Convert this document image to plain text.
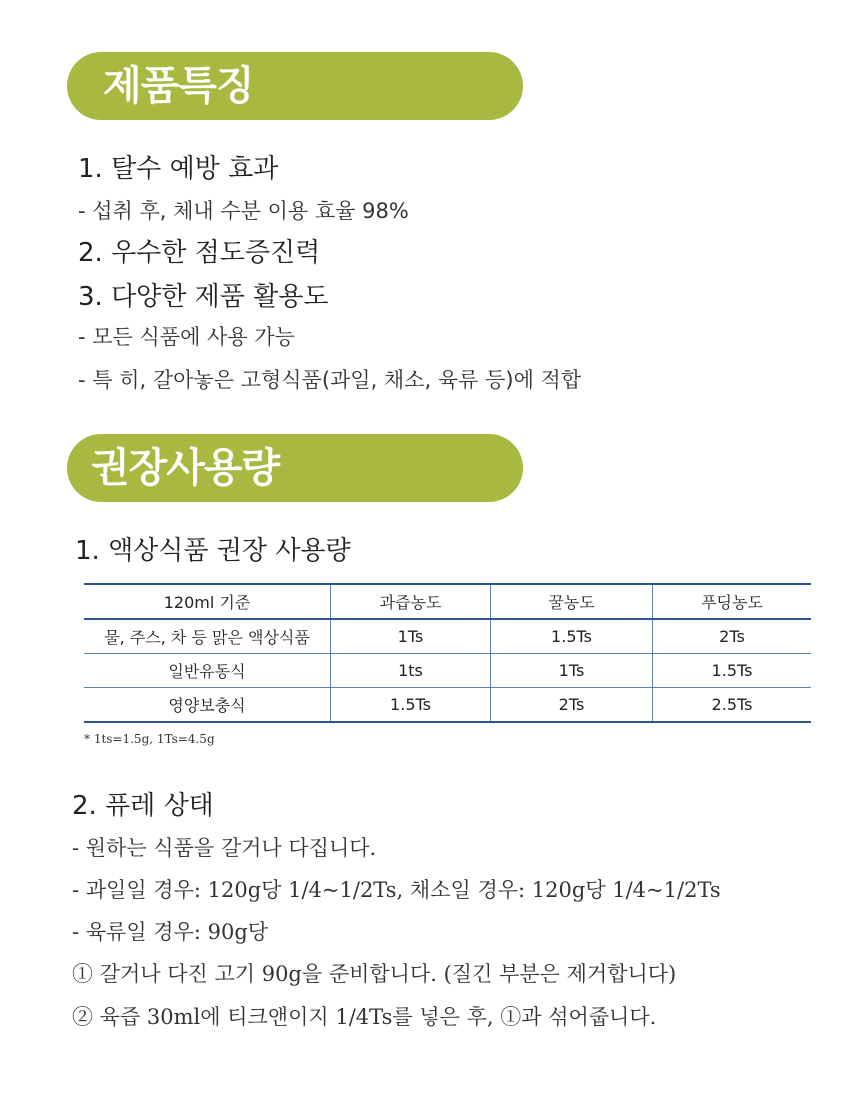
제품특징
1. 탈수 예방 효과
- 섭취 후, 체내 수분 이용 효율 98%
2. 우수한 점도증진력
3. 다양한 제품 활용도
- 모든 식품에 사용 가능
- 특 히, 갈아놓은 고형식품(과일, 채소, 육류 등)에 적합
권장사용량
1. 액상식품 권장 사용량
120ml 기준	과즙농도	꿀농도	푸딩농도
물, 주스, 차 등 맑은 액상식품	1Ts	1.5Ts	2Ts
일반유동식	1ts	1Ts	1.5Ts
영양보충식	1.5Ts	2Ts	2.5Ts
* 1ts=1.5g, 1Ts=4.5g
2. 퓨레 상태
- 원하는 식품을 갈거나 다집니다.
- 과일일 경우: 120g당 1/4~1/2Ts, 채소일 경우: 120g당 1/4~1/2Ts
- 육류일 경우: 90g당
① 갈거나 다진 고기 90g을 준비합니다. (질긴 부분은 제거합니다)
② 육즙 30ml에 티크앤이지 1/4Ts를 넣은 후, ①과 섞어줍니다.
